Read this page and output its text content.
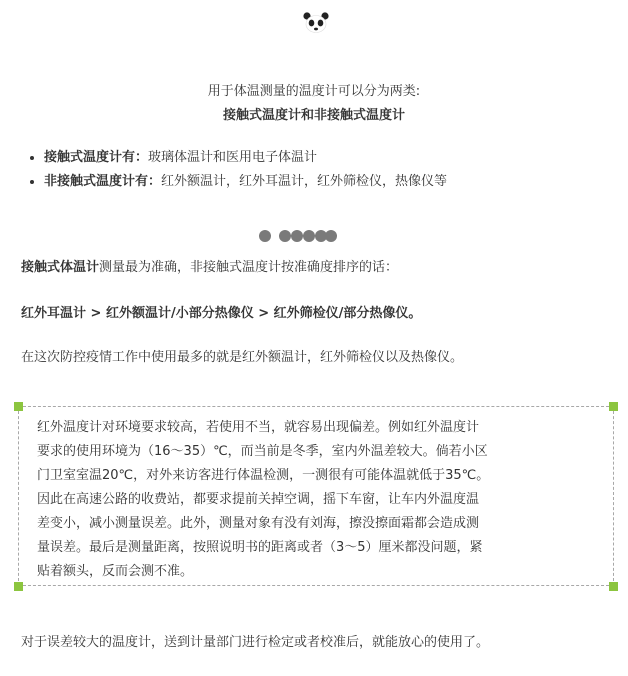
用于体温测量的温度计可以分为两类:
接触式温度计和非接触式温度计
• 接触式温度计有：玻璃体温计和医用电子体温计
• 非接触式温度计有：红外额温计，红外耳温计，红外筛检仪，热像仪等
接触式体温计测量最为准确，非接触式温度计按准确度排序的话：
红外耳温计 > 红外额温计/小部分热像仪 > 红外筛检仪/部分热像仪。
在这次防控疫情工作中使用最多的就是红外额温计，红外筛检仪以及热像仪。

红外温度计对环境要求较高，若使用不当，就容易出现偏差。例如红外温度计
要求的使用环境为（16～35）℃，而当前是冬季，室内外温差较大。倘若小区
门卫室室温20℃，对外来访客进行体温检测，一测很有可能体温就低于35℃。
因此在高速公路的收费站，都要求提前关掉空调，摇下车窗，让车内外温度温
差变小，减小测量误差。此外，测量对象有没有刘海，擦没擦面霜都会造成测
量误差。最后是测量距离，按照说明书的距离或者（3～5）厘米都没问题，紧
贴着额头，反而会测不准。

对于误差较大的温度计，送到计量部门进行检定或者校准后，就能放心的使用了。
